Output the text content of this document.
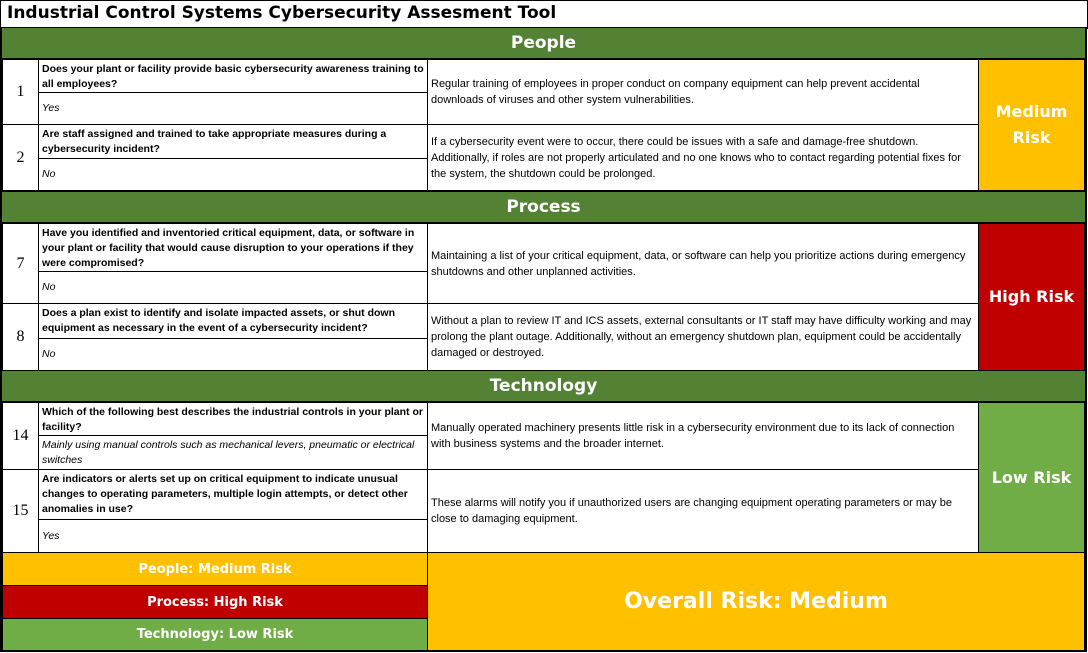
Industrial Control Systems Cybersecurity Assesment Tool
People
1
Does your plant or facility provide basic cybersecurity awareness training to all employees?
Yes
Regular training of employees in proper conduct on company equipment can help prevent accidental downloads of viruses and other system vulnerabilities.
2
Are staff assigned and trained to take appropriate measures during a cybersecurity incident?
No
If a cybersecurity event were to occur, there could be issues with a safe and damage-free shutdown. Additionally, if roles are not properly articulated and no one knows who to contact regarding potential fixes for the system, the shutdown could be prolonged.
Medium Risk
Process
7
Have you identified and inventoried critical equipment, data, or software in your plant or facility that would cause disruption to your operations if they were compromised?
No
Maintaining a list of your critical equipment, data, or software can help you prioritize actions during emergency shutdowns and other unplanned activities.
8
Does a plan exist to identify and isolate impacted assets, or shut down equipment as necessary in the event of a cybersecurity incident?
No
Without a plan to review IT and ICS assets, external consultants or IT staff may have difficulty working and may prolong the plant outage. Additionally, without an emergency shutdown plan, equipment could be accidentally damaged or destroyed.
High Risk
Technology
14
Which of the following best describes the industrial controls in your plant or facility?
Mainly using manual controls such as mechanical levers, pneumatic or electrical switches
Manually operated machinery presents little risk in a cybersecurity environment due to its lack of connection with business systems and the broader internet.
15
Are indicators or alerts set up on critical equipment to indicate unusual changes to operating parameters, multiple login attempts, or detect other anomalies in use?
Yes
These alarms will notify you if unauthorized users are changing equipment operating parameters or may be close to damaging equipment.
Low Risk
People: Medium Risk
Process: High Risk
Technology: Low Risk
Overall Risk: Medium
